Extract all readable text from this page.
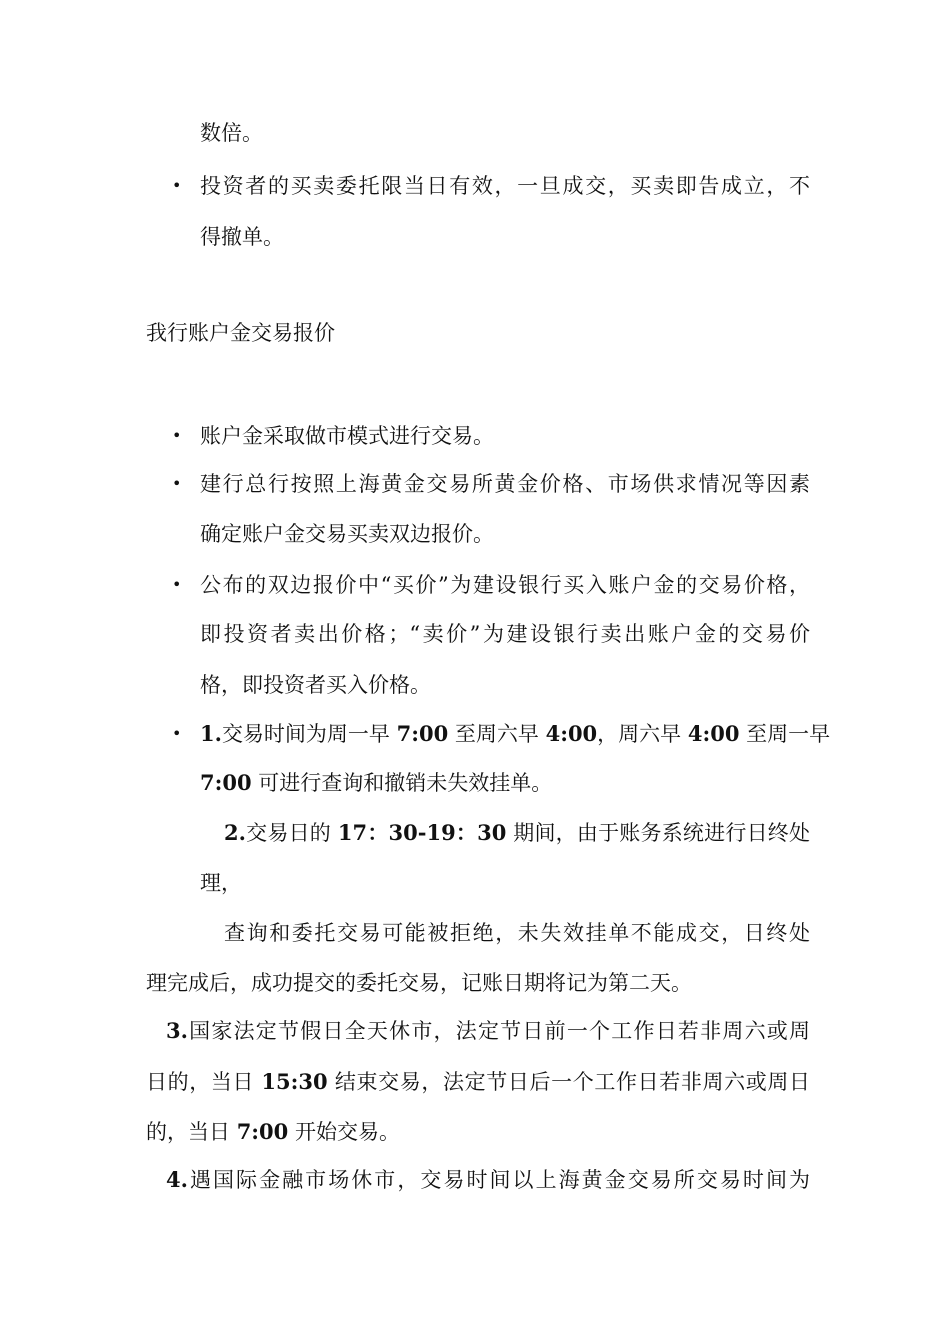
数倍。
• 投资者的买卖委托限当日有效，一旦成交，买卖即告成立，不
得撤单。
我行账户金交易报价
• 账户金采取做市模式进行交易。
• 建行总行按照上海黄金交易所黄金价格、市场供求情况等因素
确定账户金交易买卖双边报价。
• 公布的双边报价中“买价”为建设银行买入账户金的交易价格，
即投资者卖出价格；“卖价”为建设银行卖出账户金的交易价
格，即投资者买入价格。
• 1.交易时间为周一早 7:00 至周六早 4:00，周六早 4:00 至周一早
7:00 可进行查询和撤销未失效挂单。
2.交易日的 17：30-19：30 期间，由于账务系统进行日终处
理，
查询和委托交易可能被拒绝，未失效挂单不能成交，日终处
理完成后，成功提交的委托交易，记账日期将记为第二天。
3.国家法定节假日全天休市，法定节日前一个工作日若非周六或周
日的，当日 15:30 结束交易，法定节日后一个工作日若非周六或周日
的，当日 7:00 开始交易。
4.遇国际金融市场休市，交易时间以上海黄金交易所交易时间为
